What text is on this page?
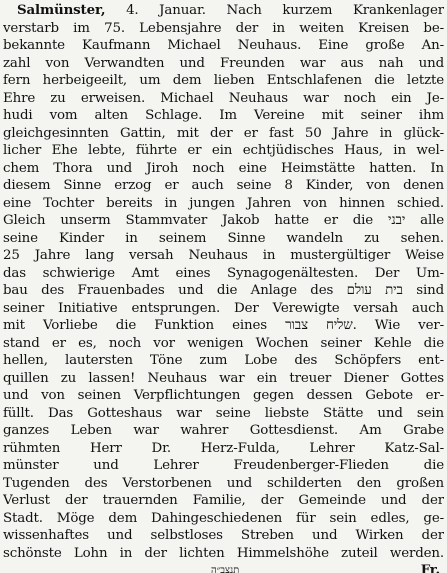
Salmünster, 4. Januar. Nach kurzem Krankenlager
verstarb im 75. Lebensjahre der in weiten Kreisen be-
bekannte Kaufmann Michael Neuhaus. Eine große An-
zahl von Verwandten und Freunden war aus nah und
fern herbeigeeilt, um dem lieben Entschlafenen die letzte
Ehre zu erweisen. Michael Neuhaus war noch ein Je-
hudi vom alten Schlage. Im Vereine mit seiner ihm
gleichgesinnten Gattin, mit der er fast 50 Jahre in glück-
licher Ehe lebte, führte er ein echtjüdisches Haus, in wel-
chem Thora und Jiroh noch eine Heimstätte hatten. In
diesem Sinne erzog er auch seine 8 Kinder, von denen
eine Tochter bereits in jungen Jahren von hinnen schied.
Gleich unserm Stammvater Jakob hatte er die ‏יבני‎ alle
seine Kinder in seinem Sinne wandeln zu sehen.
25 Jahre lang versah Neuhaus in mustergültiger Weise
das schwierige Amt eines Synagogenältesten. Der Um-
bau des Frauenbades und die Anlage des ‏בית עולם‎ sind
seiner Initiative entsprungen. Der Verewigte versah auch
mit Vorliebe die Funktion eines ‏שליח צבור‎. Wie ver-
stand er es, noch vor wenigen Wochen seiner Kehle die
hellen, lautersten Töne zum Lobe des Schöpfers ent-
quillen zu lassen! Neuhaus war ein treuer Diener Gottes
und von seinen Verpflichtungen gegen dessen Gebote er-
füllt. Das Gotteshaus war seine liebste Stätte und sein
ganzes Leben war wahrer Gottesdienst. Am Grabe
rühmten Herr Dr. Herz-Fulda, Lehrer Katz-Sal-
münster und Lehrer Freudenberger-Flieden die
Tugenden des Verstorbenen und schilderten den großen
Verlust der trauernden Familie, der Gemeinde und der
Stadt. Möge dem Dahingeschiedenen für sein edles, ge-
wissenhaftes und selbstloses Streben und Wirken der
schönste Lohn in der lichten Himmelshöhe zuteil werden.
‏תנצב״ה‎	Fr.
